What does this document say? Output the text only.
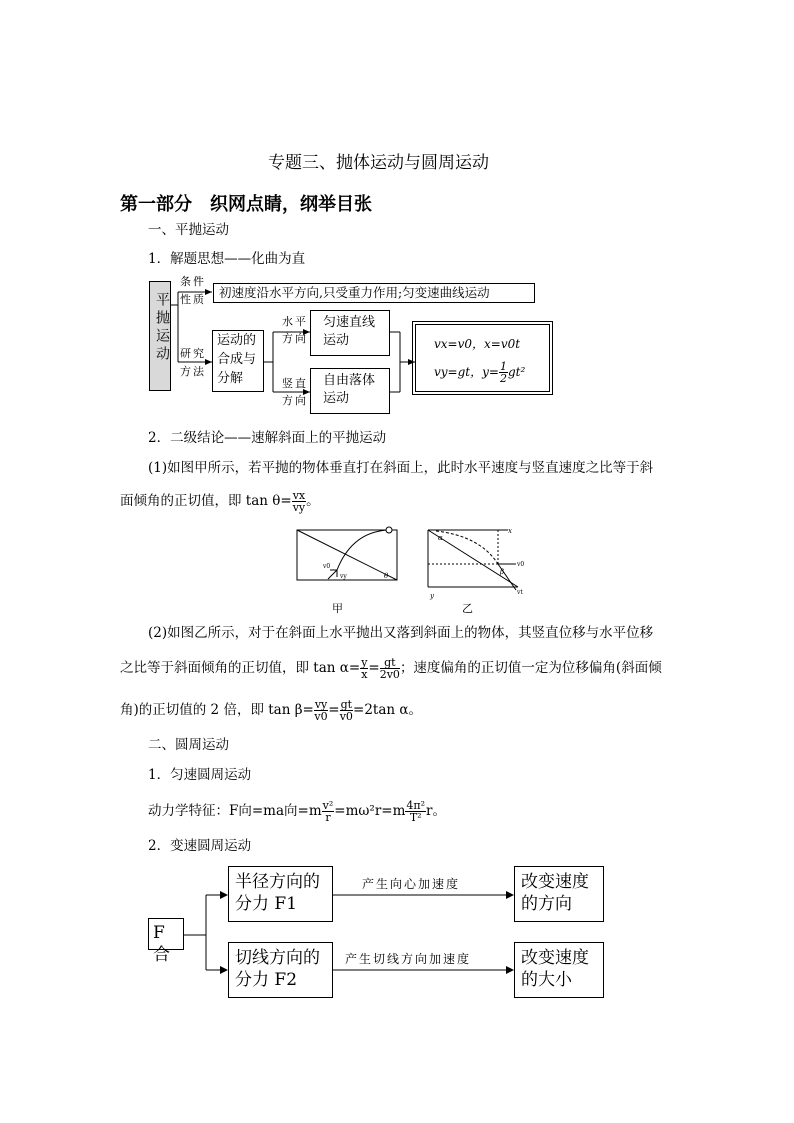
专题三、抛体运动与圆周运动
第一部分　织网点睛，纲举目张
一、平抛运动
1．解题思想——化曲为直
平抛运动
条件性质	初速度沿水平方向,只受重力作用;匀变速曲线运动
研究方法
运动的合成与分解
水平方向
竖直方向
匀速直线运动
自由落体运动
vx=v0，x=v0t
vy=gt，$y= \frac{1}{2} gt^2$
2．二级结论——速解斜面上的平抛运动
(1)如图甲所示，若平抛的物体垂直打在斜面上，此时水平速度与竖直速度之比等于斜
面倾角的正切值，即 $\tan \theta= \frac{vx}{vy}$ 。
v0
vy	θ
x
y
α
β
v0
vt
甲	乙
(2)如图乙所示，对于在斜面上水平抛出又落到斜面上的物体，其竖直位移与水平位移
之比等于斜面倾角的正切值，即 $\tan \alpha= \frac{y}{x} = \frac{gt}{2v0}$ ；速度偏角的正切值一定为位移偏角(斜面倾
角)的正切值的 2 倍，即 $\tan \beta= \frac{vy}{v0} = \frac{gt}{v0} =2\tan$ α。
二、圆周运动
1．匀速圆周运动
动力学特征：F向=ma向$=m \frac{\text{v²}}{r} =m\omega^2r=m \frac{\text{4π²}}{\text{T²}}$ r。
2．变速圆周运动
F合
半径方向的分力 F1
产生向心加速度	改变速度的方向
切线方向的分力 F2
产生切线方向加速度	改变速度的大小
